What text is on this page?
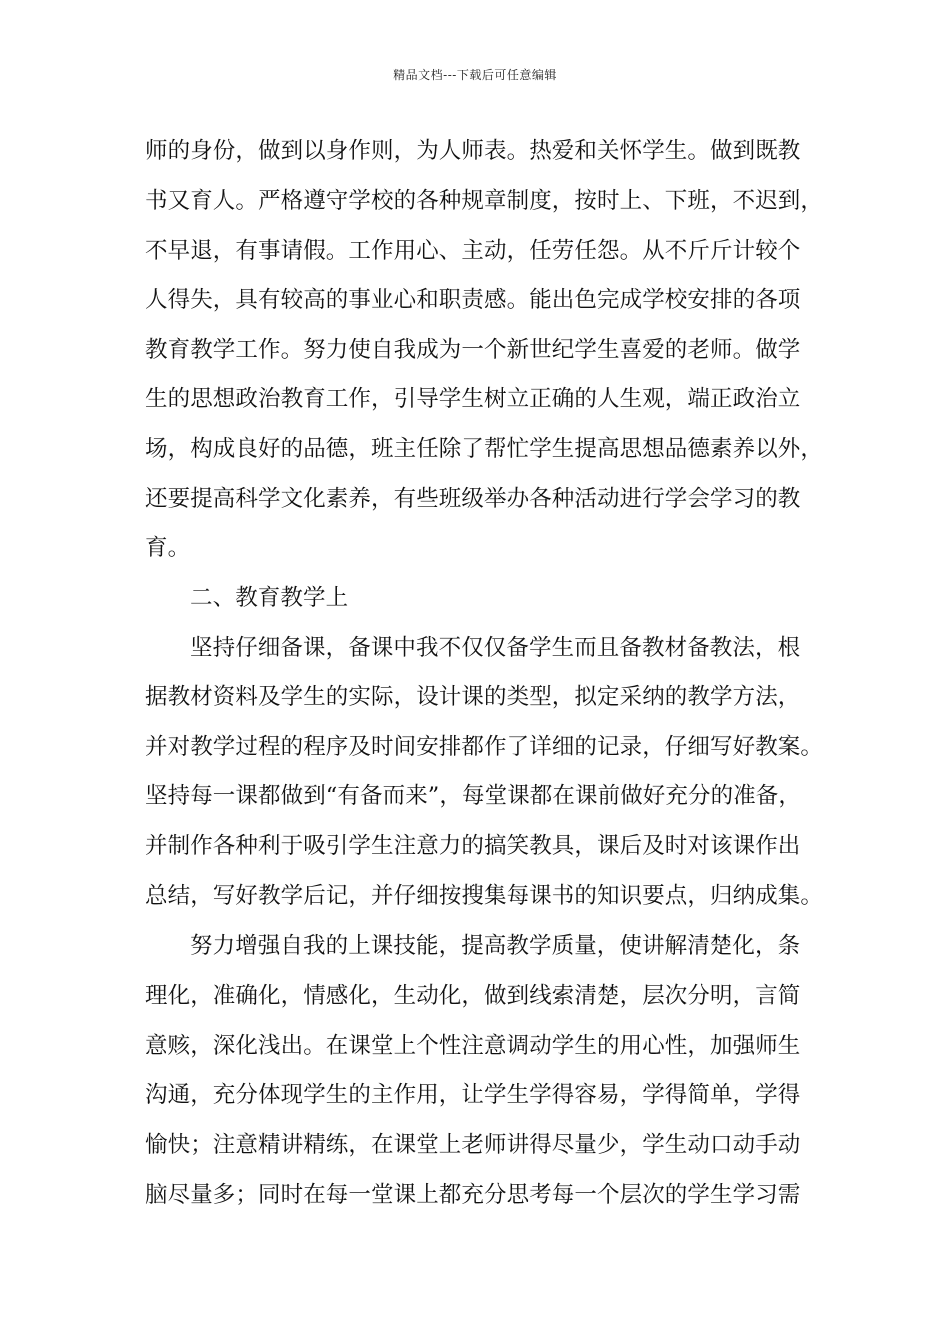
精品文档---下载后可任意编辑
师的身份，做到以身作则，为人师表。热爱和关怀学生。做到既教
书又育人。严格遵守学校的各种规章制度，按时上、下班，不迟到，
不早退，有事请假。工作用心、主动，任劳任怨。从不斤斤计较个
人得失，具有较高的事业心和职责感。能出色完成学校安排的各项
教育教学工作。努力使自我成为一个新世纪学生喜爱的老师。做学
生的思想政治教育工作，引导学生树立正确的人生观，端正政治立
场，构成良好的品德，班主任除了帮忙学生提高思想品德素养以外，
还要提高科学文化素养，有些班级举办各种活动进行学会学习的教
育。
二、教育教学上
坚持仔细备课，备课中我不仅仅备学生而且备教材备教法，根
据教材资料及学生的实际，设计课的类型，拟定采纳的教学方法，
并对教学过程的程序及时间安排都作了详细的记录，仔细写好教案。
坚持每一课都做到“有备而来”，每堂课都在课前做好充分的准备，
并制作各种利于吸引学生注意力的搞笑教具，课后及时对该课作出
总结，写好教学后记，并仔细按搜集每课书的知识要点，归纳成集。
努力增强自我的上课技能，提高教学质量，使讲解清楚化，条
理化，准确化，情感化，生动化，做到线索清楚，层次分明，言简
意赅，深化浅出。在课堂上个性注意调动学生的用心性，加强师生
沟通，充分体现学生的主作用，让学生学得容易，学得简单，学得
愉快；注意精讲精练，在课堂上老师讲得尽量少，学生动口动手动
脑尽量多；同时在每一堂课上都充分思考每一个层次的学生学习需
